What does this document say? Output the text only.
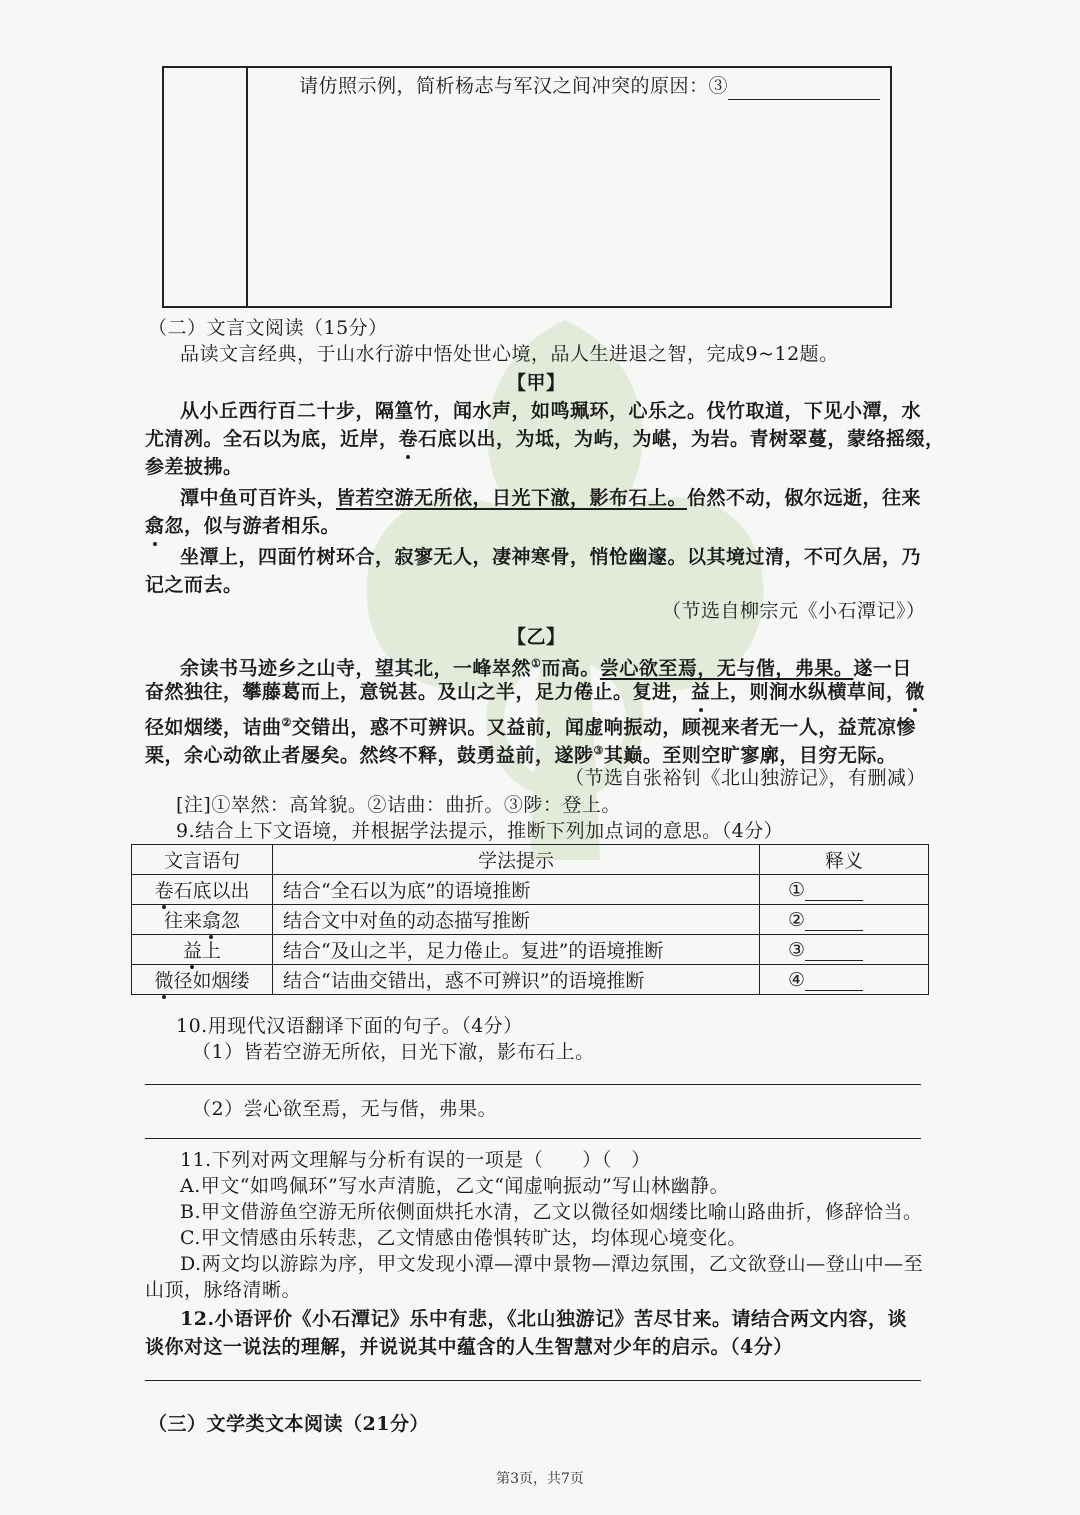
请仿照示例，简析杨志与军汉之间冲突的原因：③
（二）文言文阅读（15分）
品读文言经典，于山水行游中悟处世心境，品人生进退之智，完成9~12题。
【甲】
从小丘西行百二十步，隔篁竹，闻水声，如鸣珮环，心乐之。伐竹取道，下见小潭，水
尤清冽。全石以为底，近岸，卷石底以出，为坻，为屿，为嵁，为岩。青树翠蔓，蒙络摇缀，
参差披拂。
潭中鱼可百许头，皆若空游无所依，日光下澈，影布石上。佁然不动，俶尔远逝，往来
翕忽，似与游者相乐。
坐潭上，四面竹树环合，寂寥无人，凄神寒骨，悄怆幽邃。以其境过清，不可久居，乃
记之而去。
（节选自柳宗元《小石潭记》）
【乙】
余读书马迹乡之山寺，望其北，一峰崒然①而高。尝心欲至焉，无与偕，弗果。遂一日
奋然独往，攀藤葛而上，意锐甚。及山之半，足力倦止。复进，益上，则涧水纵横草间，微
径如烟缕，诘曲②交错出，惑不可辨识。又益前，闻虚响振动，顾视来者无一人，益荒凉惨
栗，余心动欲止者屡矣。然终不释，鼓勇益前，遂陟③其巅。至则空旷寥廓，目穷无际。
（节选自张裕钊《北山独游记》，有删减）
[注]①崒然：高耸貌。②诘曲：曲折。③陟：登上。
9.结合上下文语境，并根据学法提示，推断下列加点词的意思。（4分）
文言语句	学法提示	释义
卷石底以出	结合“全石以为底”的语境推断	①
往来翕忽	结合文中对鱼的动态描写推断	②
益上	结合“及山之半，足力倦止。复进”的语境推断	③
微径如烟缕	结合“诘曲交错出，惑不可辨识”的语境推断	④
10.用现代汉语翻译下面的句子。（4分）
（1）皆若空游无所依，日光下澈，影布石上。
（2）尝心欲至焉，无与偕，弗果。
11.下列对两文理解与分析有误的一项是（　　）（　）
A.甲文“如鸣佩环”写水声清脆，乙文“闻虚响振动”写山林幽静。
B.甲文借游鱼空游无所依侧面烘托水清，乙文以微径如烟缕比喻山路曲折，修辞恰当。
C.甲文情感由乐转悲，乙文情感由倦惧转旷达，均体现心境变化。
D.两文均以游踪为序，甲文发现小潭—潭中景物—潭边氛围，乙文欲登山—登山中—至
山顶，脉络清晰。
12.小语评价《小石潭记》乐中有悲，《北山独游记》苦尽甘来。请结合两文内容，谈
谈你对这一说法的理解，并说说其中蕴含的人生智慧对少年的启示。（4分）
（三）文学类文本阅读（21分）
第3页，共7页
